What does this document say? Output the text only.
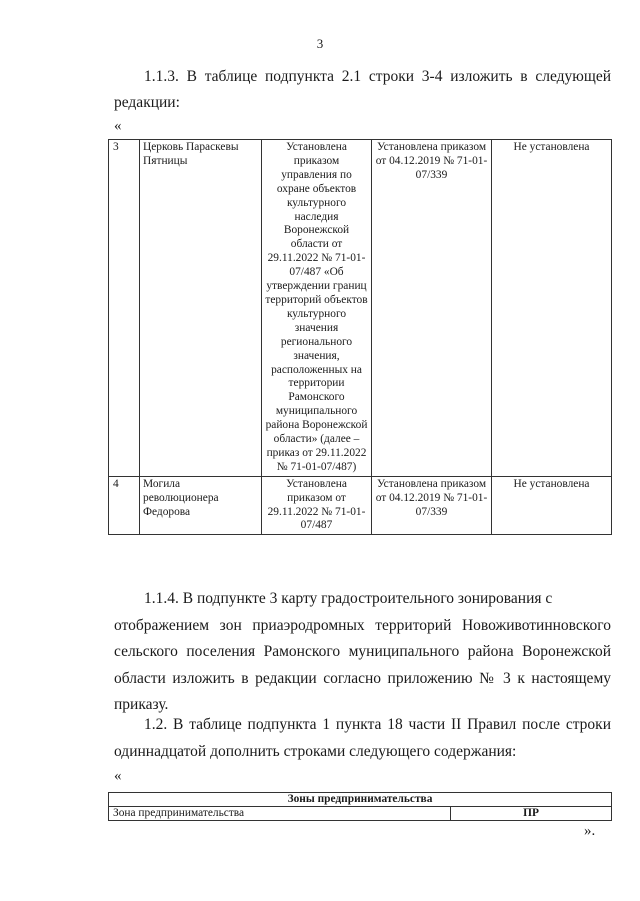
3
1.1.3. В таблице подпункта 2.1 строки 3-4 изложить в следующей редакции:
«
3	Церковь Параскевы Пятницы	Установлена приказом управления по охране объектов культурного наследия Воронежской области от 29.11.2022 № 71-01-07/487 «Об утверждении границ территорий объектов культурного значения регионального значения, расположенных на территории Рамонского муниципального района Воронежской области» (далее – приказ от 29.11.2022 № 71-01-07/487)	Установлена приказом от 04.12.2019 № 71-01-07/339	Не установлена
4	Могила революционера Федорова	Установлена приказом от 29.11.2022 № 71-01-07/487	Установлена приказом от 04.12.2019 № 71-01-07/339	Не установлена
1.1.4. В подпункте 3 карту градостроительного зонирования с
отображением зон приаэродромных территорий Новоживотинновского сельского поселения Рамонского муниципального района Воронежской области изложить в редакции согласно приложению № 3 к настоящему приказу.
1.2. В таблице подпункта 1 пункта 18 части II Правил после строки одиннадцатой дополнить строками следующего содержания:
«
Зоны предпринимательства
Зона предпринимательства	ПР
».
